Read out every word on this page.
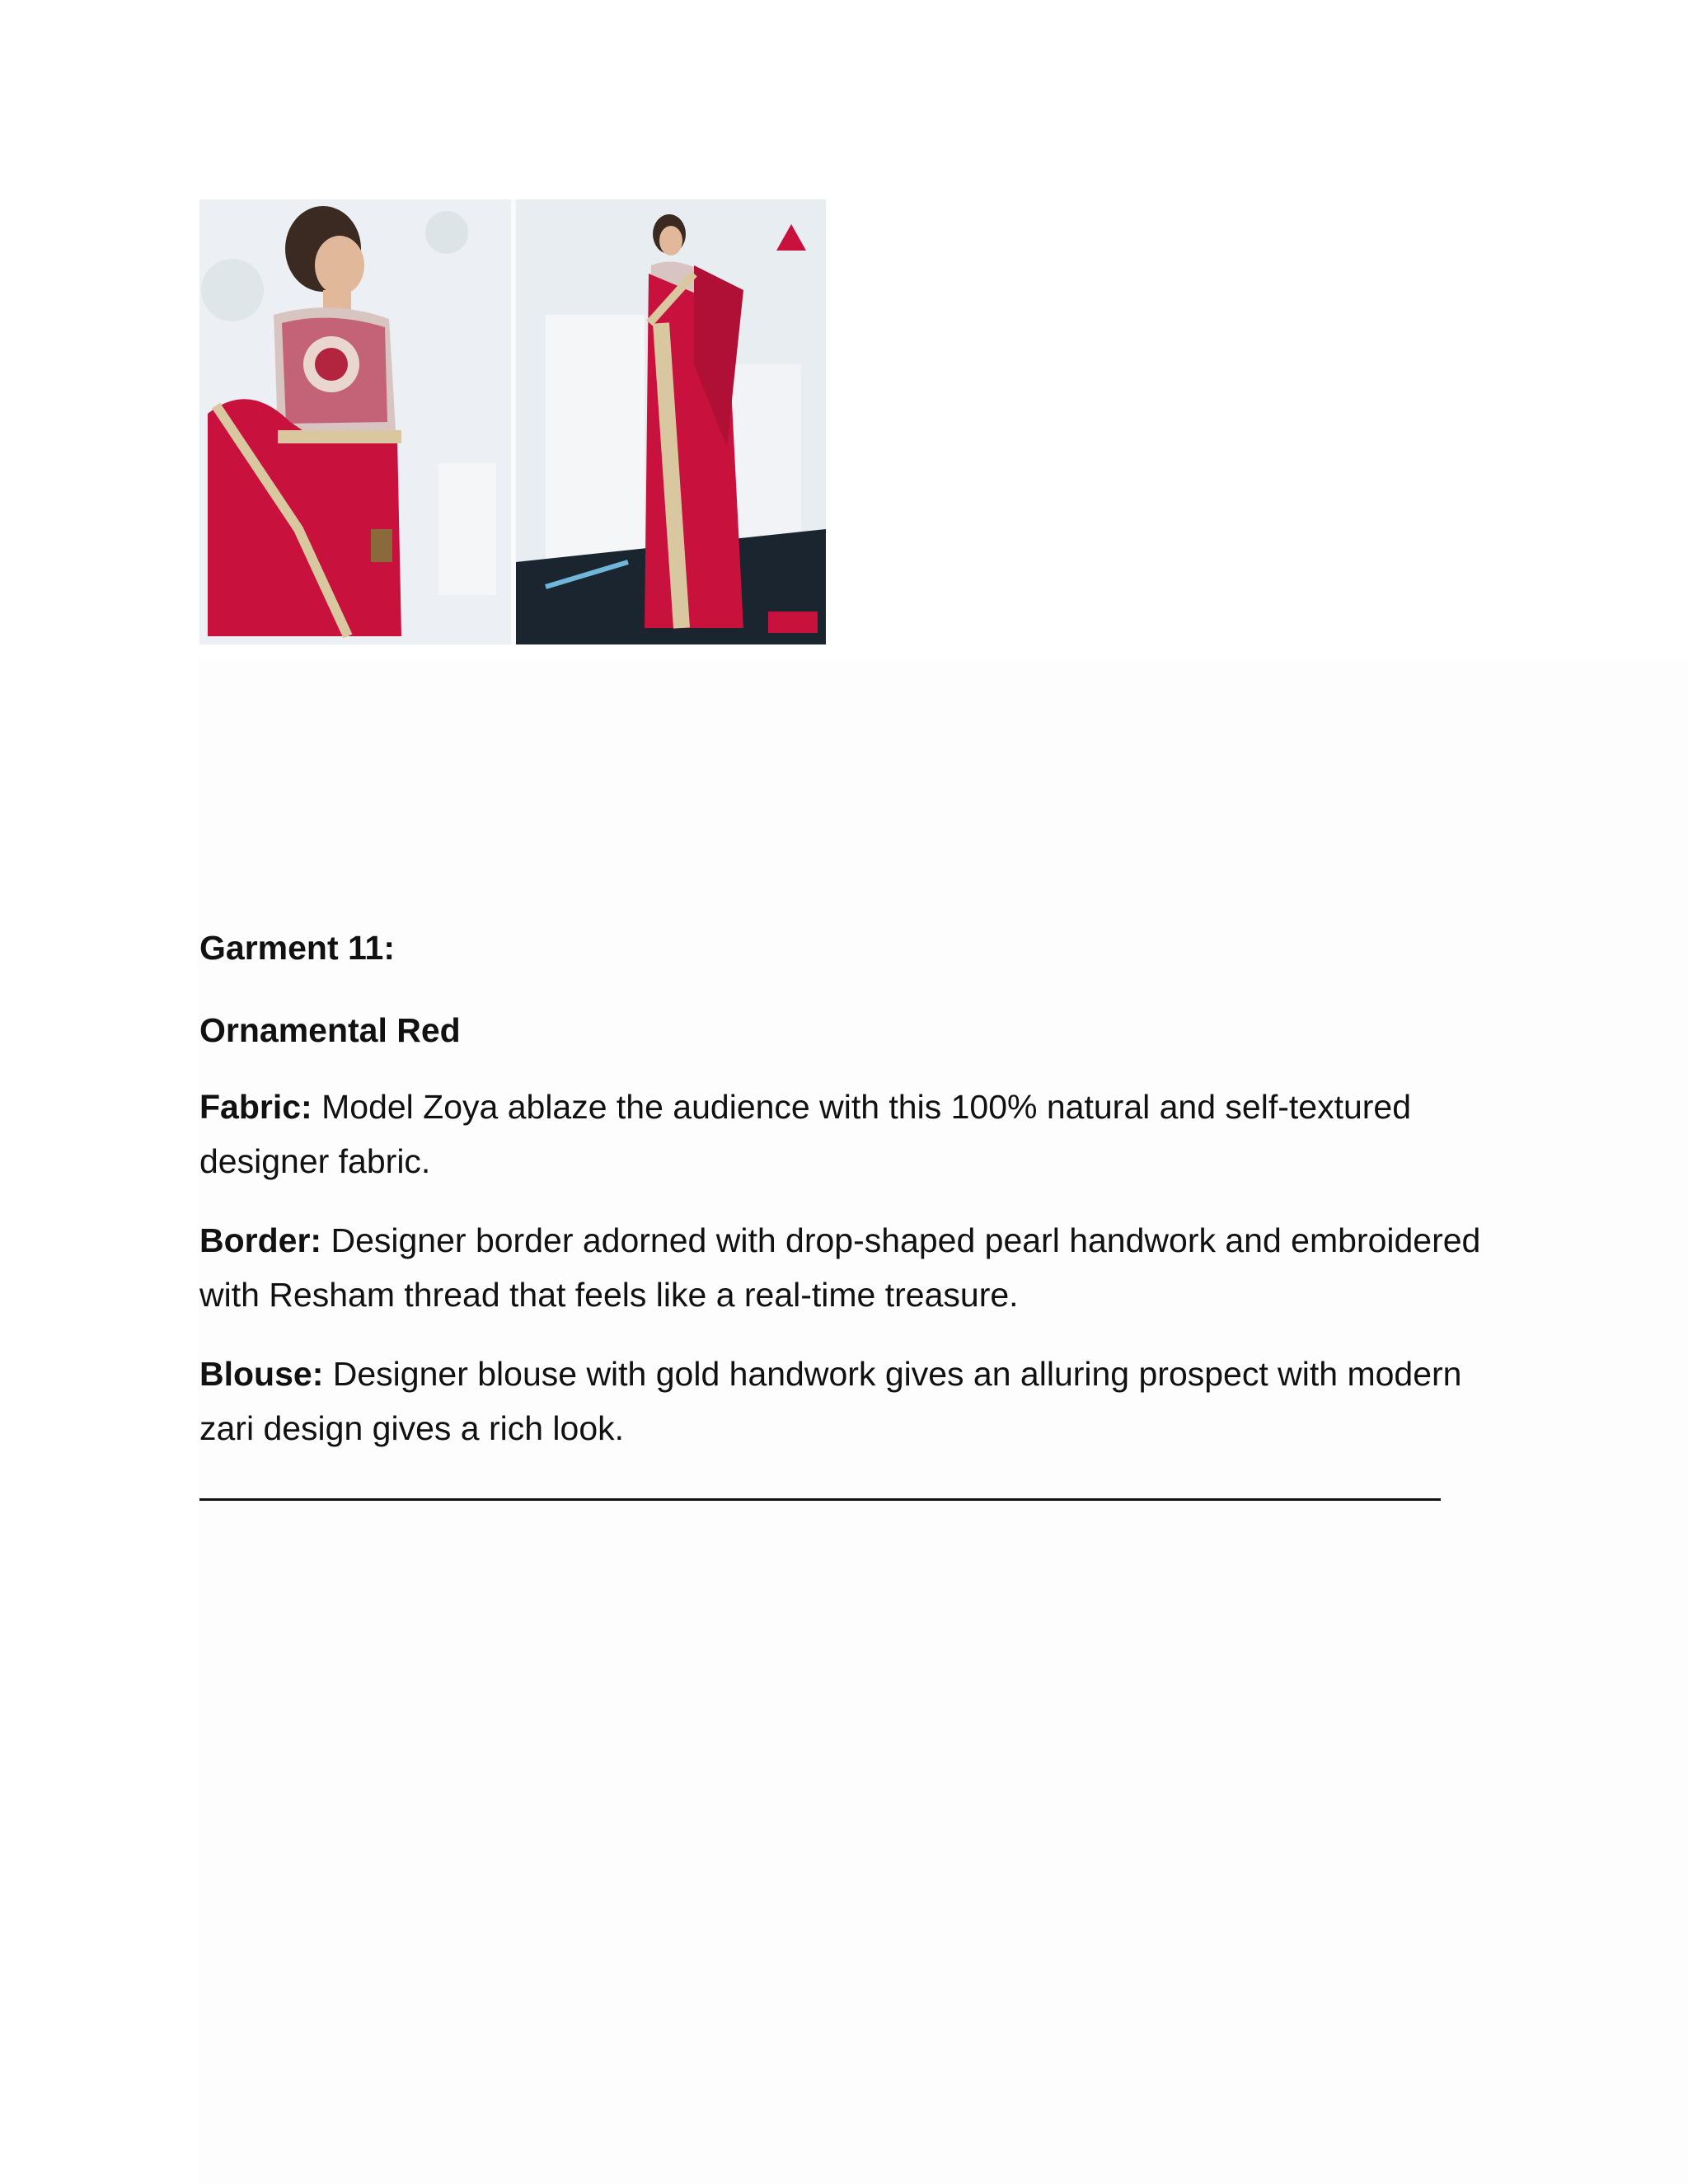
Garment 11:

Ornamental Red

Fabric: Model Zoya ablaze the audience with this 100% natural and self-textured designer fabric.

Border: Designer border adorned with drop-shaped pearl handwork and embroidered with Resham thread that feels like a real-time treasure.

Blouse: Designer blouse with gold handwork gives an alluring prospect with modern zari design gives a rich look.
